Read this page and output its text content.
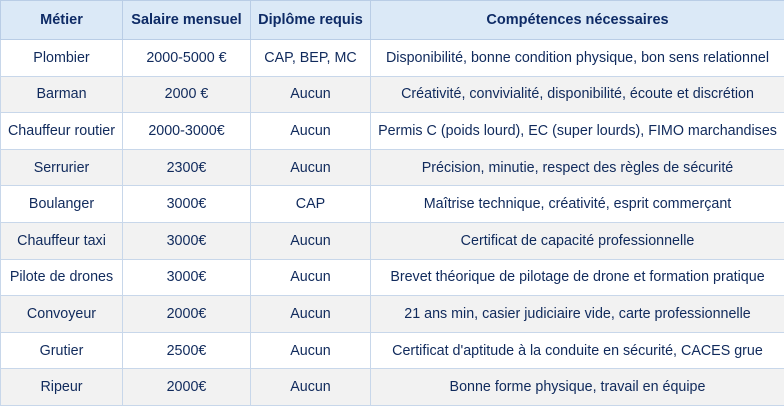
Métier	Salaire mensuel	Diplôme requis	Compétences nécessaires
Plombier	2000-5000 €	CAP, BEP, MC	Disponibilité, bonne condition physique, bon sens relationnel
Barman	2000 €	Aucun	Créativité, convivialité, disponibilité, écoute et discrétion
Chauffeur routier	2000-3000€	Aucun	Permis C (poids lourd), EC (super lourds), FIMO marchandises
Serrurier	2300€	Aucun	Précision, minutie, respect des règles de sécurité
Boulanger	3000€	CAP	Maîtrise technique, créativité, esprit commerçant
Chauffeur taxi	3000€	Aucun	Certificat de capacité professionnelle
Pilote de drones	3000€	Aucun	Brevet théorique de pilotage de drone et formation pratique
Convoyeur	2000€	Aucun	21 ans min, casier judiciaire vide, carte professionnelle
Grutier	2500€	Aucun	Certificat d'aptitude à la conduite en sécurité, CACES grue
Ripeur	2000€	Aucun	Bonne forme physique, travail en équipe
